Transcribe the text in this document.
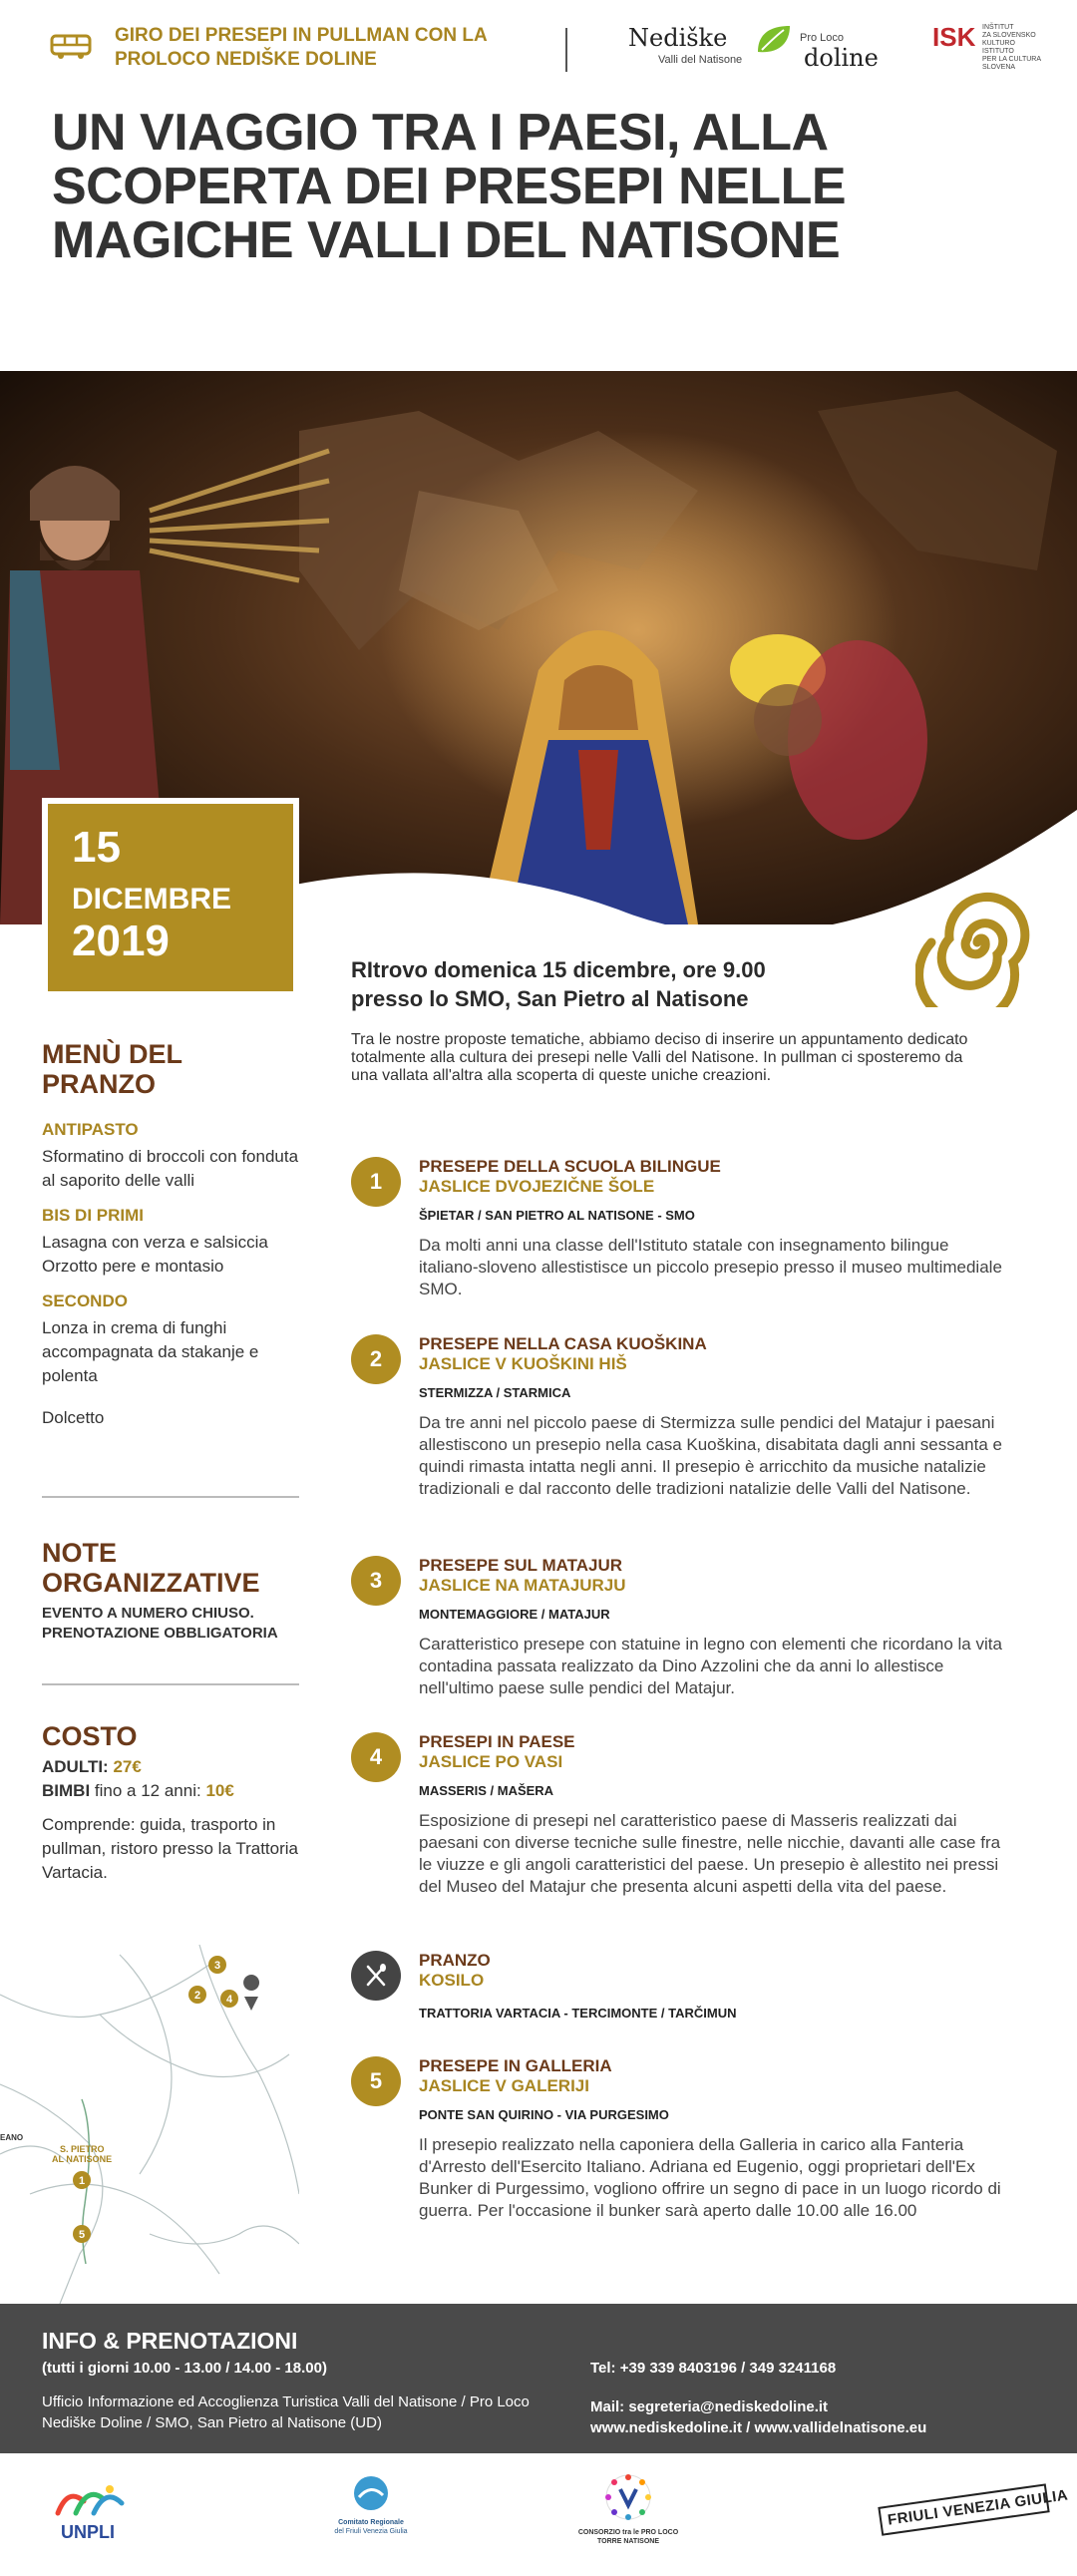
GIRO DEI PRESEPI IN PULLMAN CON LA PROLOCO NEDIŠKE DOLINE
Nediške
Valli del Natisone
Pro Loco
doline
ISK INŠTITUT
ZA SLOVENSKO
KULTURO
ISTITUTO
PER LA CULTURA
SLOVENA
UN VIAGGIO TRA I PAESI, ALLA SCOPERTA DEI PRESEPI NELLE MAGICHE VALLI DEL NATISONE
15
DICEMBRE
2019
MENÙ DEL PRANZO
ANTIPASTO

Sformatino di broccoli con fonduta al saporito delle valli

BIS DI PRIMI

Lasagna con verza e salsiccia Orzotto pere e montasio

SECONDO

Lonza in crema di funghi accompagnata da stakanje e polenta

Dolcetto

NOTE ORGANIZZATIVE

EVENTO A NUMERO CHIUSO.

PRENOTAZIONE OBBLIGATORIA

COSTO

ADULTI: 27€

BIMBI fino a 12 anni: 10€

Comprende: guida, trasporto in pullman, ristoro presso la Trattoria Vartacia.

3
2 4
1
5
S. PIETRO
AL NATISONE
EANO
RItrovo domenica 15 dicembre, ore 9.00
presso lo SMO, San Pietro al Natisone
Tra le nostre proposte tematiche, abbiamo deciso di inserire un appuntamento dedicato totalmente alla cultura dei presepi nelle Valli del Natisone. In pullman ci sposteremo da una vallata all'altra alla scoperta di queste uniche creazioni.
1
PRESEPE DELLA SCUOLA BILINGUE
JASLICE DVOJEZIČNE ŠOLE
ŠPIETAR / SAN PIETRO AL NATISONE - SMO
Da molti anni una classe dell'Istituto statale con insegnamento bilingue italiano-sloveno allestistisce un piccolo presepio presso il museo multimediale SMO.
2
PRESEPE NELLA CASA KUOŠKINA
JASLICE V KUOŠKINI HIŠ
STERMIZZA / STARMICA
Da tre anni nel piccolo paese di Stermizza sulle pendici del Matajur i paesani allestiscono un presepio nella casa Kuoškina, disabitata dagli anni sessanta e quindi rimasta intatta negli anni. Il presepio è arricchito da musiche natalizie tradizionali e dal racconto delle tradizioni natalizie delle Valli del Natisone.
3
PRESEPE SUL MATAJUR
JASLICE NA MATAJURJU
MONTEMAGGIORE / MATAJUR
Caratteristico presepe con statuine in legno con elementi che ricordano la vita contadina passata realizzato da Dino Azzolini che da anni lo allestisce nell'ultimo paese sulle pendici del Matajur.
4
PRESEPI IN PAESE
JASLICE PO VASI
MASSERIS / MAŠERA
Esposizione di presepi nel caratteristico paese di Masseris realizzati dai paesani con diverse tecniche sulle finestre, nelle nicchie, davanti alle case fra le viuzze e gli angoli caratteristici del paese. Un presepio è allestito nei pressi del Museo del Matajur che presenta alcuni aspetti della vita del paese.
PRANZO
KOSILO
TRATTORIA VARTACIA - TERCIMONTE / TARČIMUN
5
PRESEPE IN GALLERIA
JASLICE V GALERIJI
PONTE SAN QUIRINO - VIA PURGESIMO
Il presepio realizzato nella caponiera della Galleria in carico alla Fanteria d'Arresto dell'Esercito Italiano. Adriana ed Eugenio, oggi proprietari dell'Ex Bunker di Purgessimo, vogliono offrire un segno di pace in un luogo ricordo di guerra. Per l'occasione il bunker sarà aperto dalle 10.00 alle 16.00
INFO & PRENOTAZIONI
(tutti i giorni 10.00 - 13.00 / 14.00 - 18.00)
Ufficio Informazione ed Accoglienza Turistica Valli del Natisone / Pro Loco Nediške Doline / SMO, San Pietro al Natisone (UD)
Tel: +39 339 8403196 / 349 3241168
Mail: segreteria@nediskedoline.it
www.nediskedoline.it / www.vallidelnatisone.eu
UNPLI	Comitato Regionale
del Friuli Venezia Giulia	CONSORZIO tra le PRO LOCO
TORRE NATISONE
FRIULI VENEZIA GIULIA
